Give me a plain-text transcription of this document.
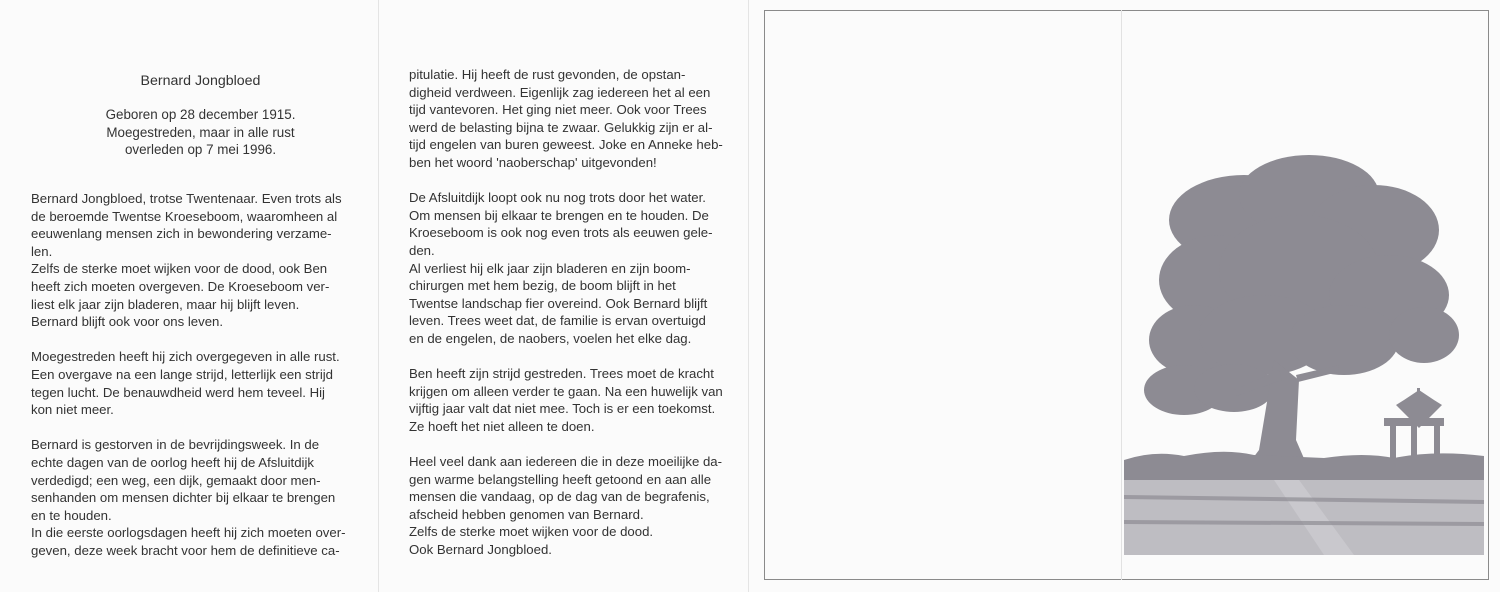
Bernard Jongbloed
Geboren op 28 december 1915.
Moegestreden, maar in alle rust
overleden op 7 mei 1996.
Bernard Jongbloed, trotse Twentenaar. Even trots als
de beroemde Twentse Kroeseboom, waaromheen al
eeuwenlang mensen zich in bewondering verzame-
len.
Zelfs de sterke moet wijken voor de dood, ook Ben
heeft zich moeten overgeven. De Kroeseboom ver-
liest elk jaar zijn bladeren, maar hij blijft leven.
Bernard blijft ook voor ons leven.
Moegestreden heeft hij zich overgegeven in alle rust.
Een overgave na een lange strijd, letterlijk een strijd
tegen lucht. De benauwdheid werd hem teveel. Hij
kon niet meer.
Bernard is gestorven in de bevrijdingsweek. In de
echte dagen van de oorlog heeft hij de Afsluitdijk
verdedigd; een weg, een dijk, gemaakt door men-
senhanden om mensen dichter bij elkaar te brengen
en te houden.
In die eerste oorlogsdagen heeft hij zich moeten over-
geven, deze week bracht voor hem de definitieve ca-
pitulatie. Hij heeft de rust gevonden, de opstan-
digheid verdween. Eigenlijk zag iedereen het al een
tijd vantevoren. Het ging niet meer. Ook voor Trees
werd de belasting bijna te zwaar. Gelukkig zijn er al-
tijd engelen van buren geweest. Joke en Anneke heb-
ben het woord 'naoberschap' uitgevonden!
De Afsluitdijk loopt ook nu nog trots door het water.
Om mensen bij elkaar te brengen en te houden. De
Kroeseboom is ook nog even trots als eeuwen gele-
den.
Al verliest hij elk jaar zijn bladeren en zijn boom-
chirurgen met hem bezig, de boom blijft in het
Twentse landschap fier overeind. Ook Bernard blijft
leven. Trees weet dat, de familie is ervan overtuigd
en de engelen, de naobers, voelen het elke dag.
Ben heeft zijn strijd gestreden. Trees moet de kracht
krijgen om alleen verder te gaan. Na een huwelijk van
vijftig jaar valt dat niet mee. Toch is er een toekomst.
Ze hoeft het niet alleen te doen.
Heel veel dank aan iedereen die in deze moeilijke da-
gen warme belangstelling heeft getoond en aan alle
mensen die vandaag, op de dag van de begrafenis,
afscheid hebben genomen van Bernard.
Zelfs de sterke moet wijken voor de dood.
Ook Bernard Jongbloed.
